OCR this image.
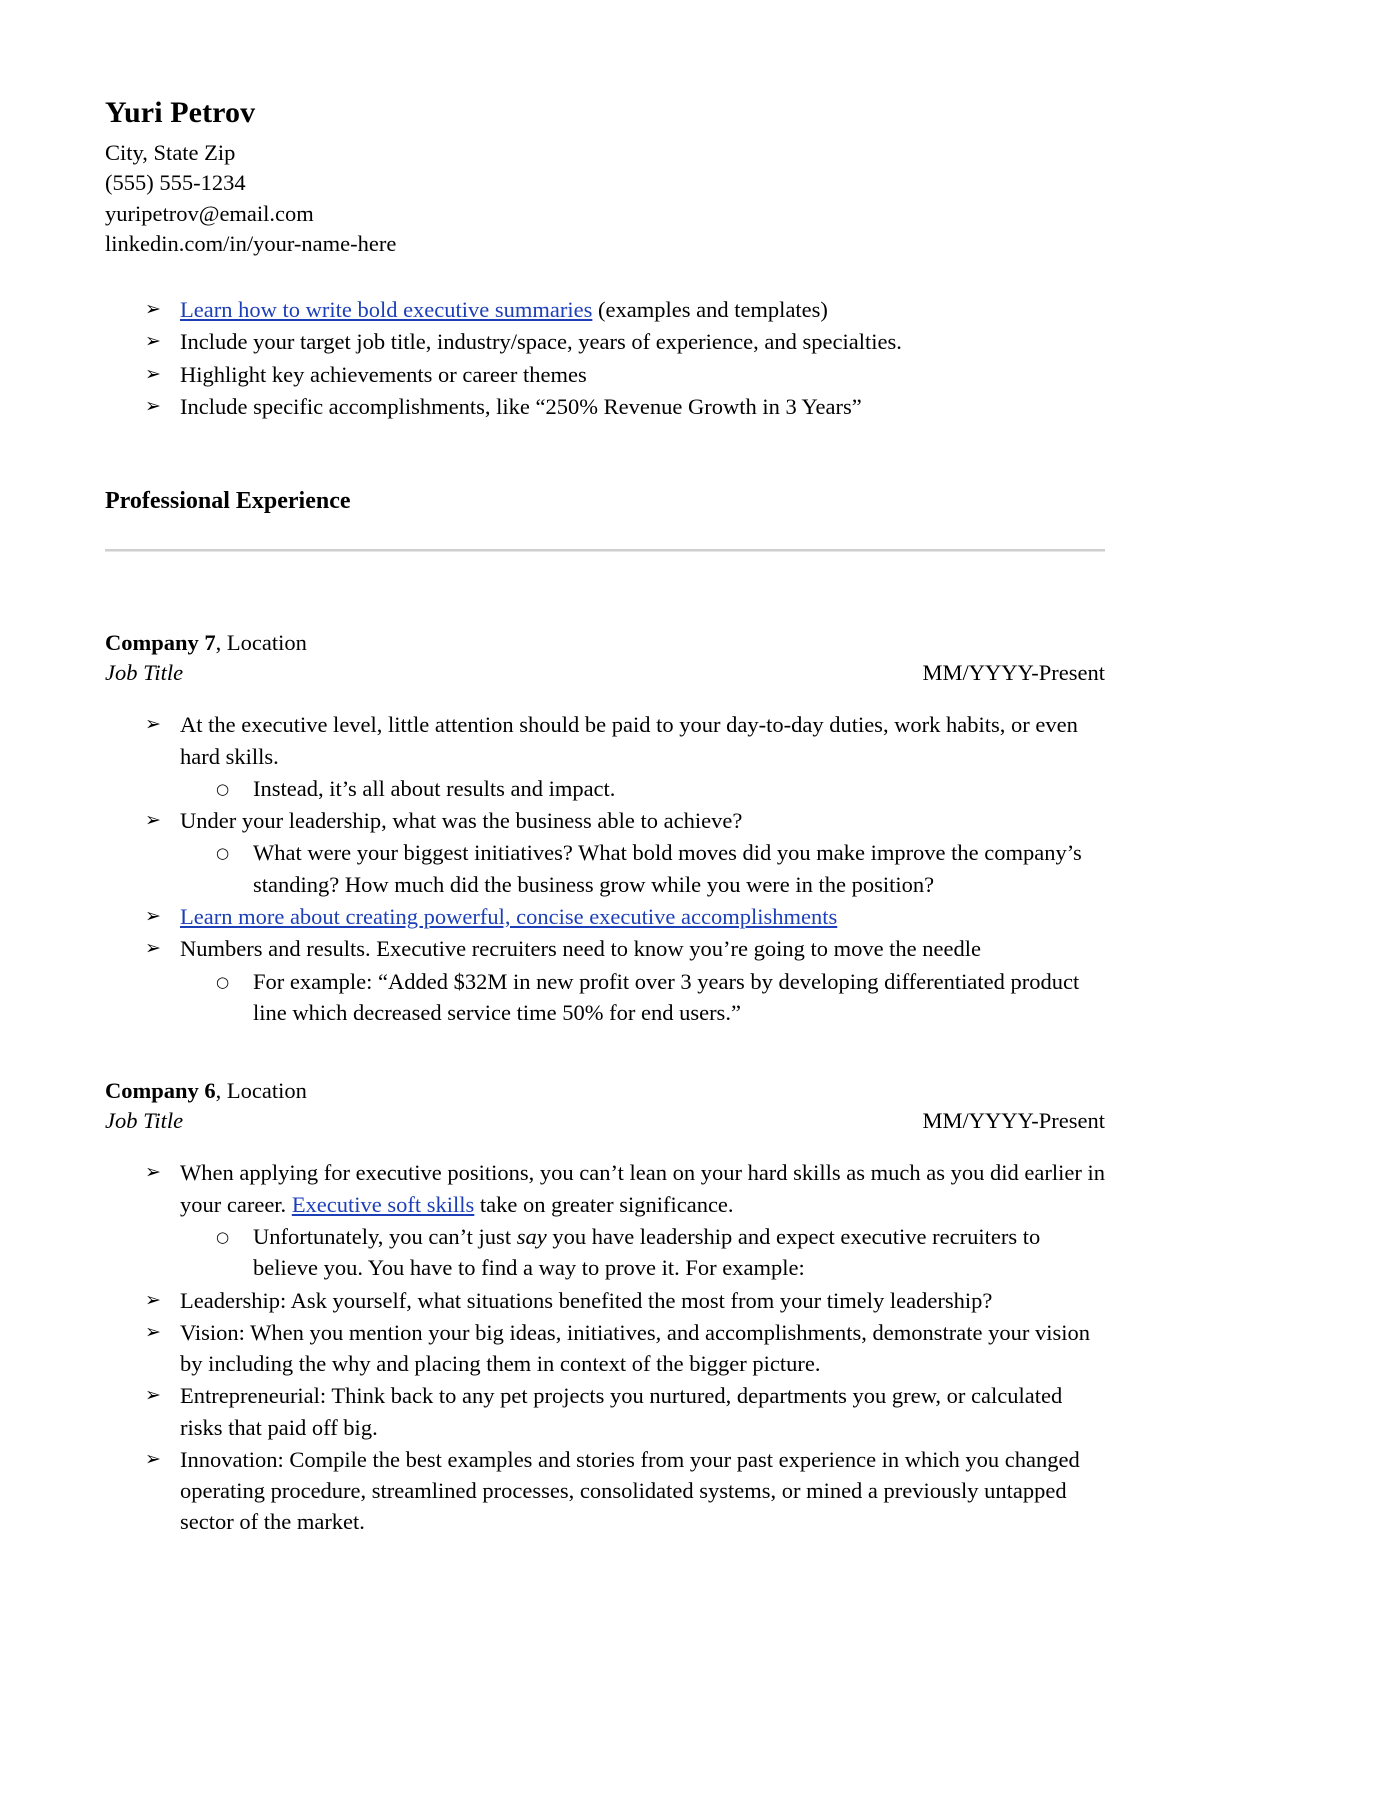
Yuri Petrov

City, State Zip

(555) 555-1234

yuripetrov@email.com

linkedin.com/in/your-name-here

➢ Learn how to write bold executive summaries (examples and templates)
➢ Include your target job title, industry/space, years of experience, and specialties.
➢ Highlight key achievements or career themes
➢ Include specific accomplishments, like “250% Revenue Growth in 3 Years”
Professional Experience

Company 7, Location

Job Title	MM/YYYY-Present
➢ At the executive level, little attention should be paid to your day-to-day duties, work habits, or even hard skills.
○ Instead, it’s all about results and impact.
➢ Under your leadership, what was the business able to achieve?
○ What were your biggest initiatives? What bold moves did you make improve the company’s standing? How much did the business grow while you were in the position?
➢ Learn more about creating powerful, concise executive accomplishments
➢ Numbers and results. Executive recruiters need to know you’re going to move the needle
○ For example: “Added $32M in new profit over 3 years by developing differentiated product line which decreased service time 50% for end users.”

Company 6, Location

Job Title	MM/YYYY-Present
➢ When applying for executive positions, you can’t lean on your hard skills as much as you did earlier in your career. Executive soft skills take on greater significance.
○ Unfortunately, you can’t just say you have leadership and expect executive recruiters to believe you. You have to find a way to prove it. For example:
➢ Leadership: Ask yourself, what situations benefited the most from your timely leadership?
➢ Vision: When you mention your big ideas, initiatives, and accomplishments, demonstrate your vision by including the why and placing them in context of the bigger picture.
➢ Entrepreneurial: Think back to any pet projects you nurtured, departments you grew, or calculated risks that paid off big.
➢ Innovation: Compile the best examples and stories from your past experience in which you changed operating procedure, streamlined processes, consolidated systems, or mined a previously untapped sector of the market.
